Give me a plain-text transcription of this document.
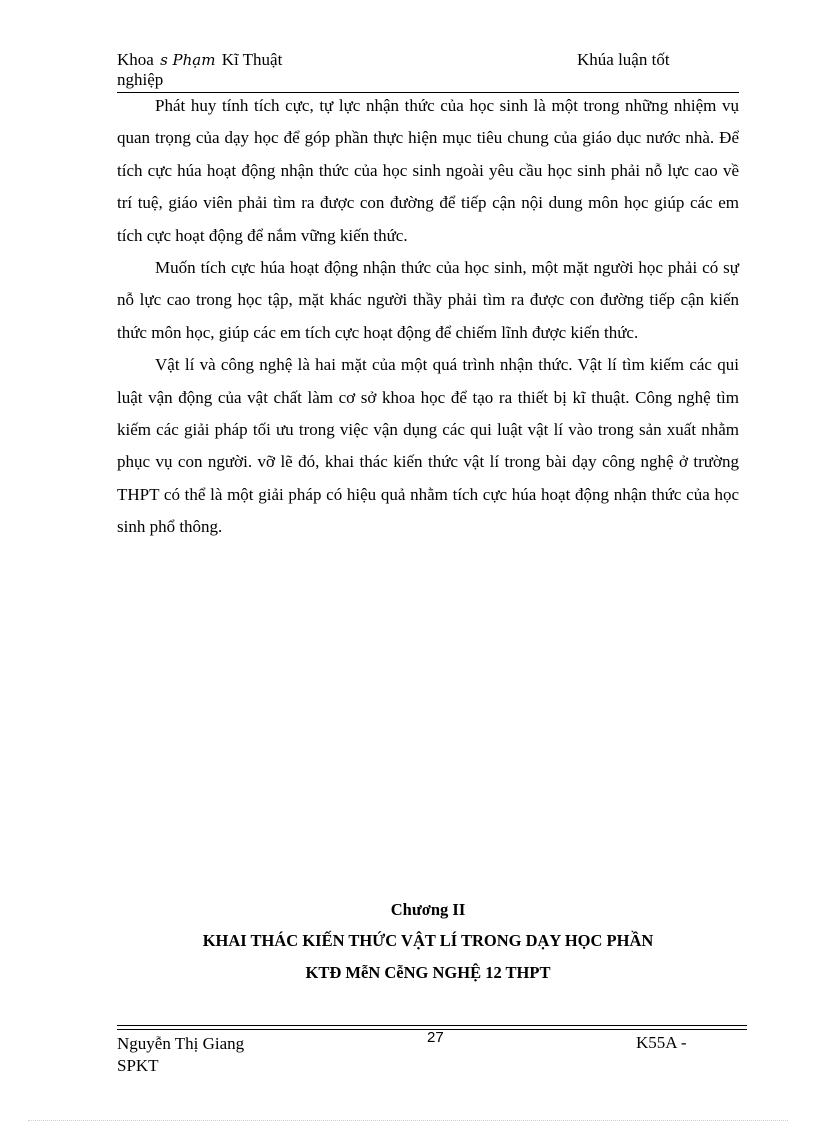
Khoa s Phạm Kĩ Thuật
nghiệp
Khúa luận tốt

Phát huy tính tích cực, tự lực nhận thức của học sinh là một trong những nhiệm vụ quan trọng của dạy học để góp phần thực hiện mục tiêu chung của giáo dục nước nhà. Để tích cực húa hoạt động nhận thức của học sinh ngoài yêu cầu học sinh phải nỗ lực cao về trí tuệ, giáo viên phải tìm ra được con đường để tiếp cận nội dung môn học giúp các em tích cực hoạt động để nắm vững kiến thức.

Muốn tích cực húa hoạt động nhận thức của học sinh, một mặt người học phải có sự nỗ lực cao trong học tập, mặt khác người thầy phải tìm ra được con đường tiếp cận kiến thức môn học, giúp các em tích cực hoạt động để chiếm lĩnh được kiến thức.

Vật lí và công nghệ là hai mặt của một quá trình nhận thức. Vật lí tìm kiếm các qui luật vận động của vật chất làm cơ sở khoa học để tạo ra thiết bị kĩ thuật. Công nghệ tìm kiếm các giải pháp tối ưu trong việc vận dụng các qui luật vật lí vào trong sản xuất nhằm phục vụ con người. vỡ lẽ đó, khai thác kiến thức vật lí trong bài dạy công nghệ ở trường THPT có thể là một giải pháp có hiệu quả nhằm tích cực húa hoạt động nhận thức của học sinh phổ thông.

Chương II
KHAI THÁC KIẾN THỨC VẬT LÍ TRONG DẠY HỌC PHẦN
KTĐ MễN CễNG NGHỆ 12 THPT
Nguyễn Thị Giang
SPKT
27	K55A -
